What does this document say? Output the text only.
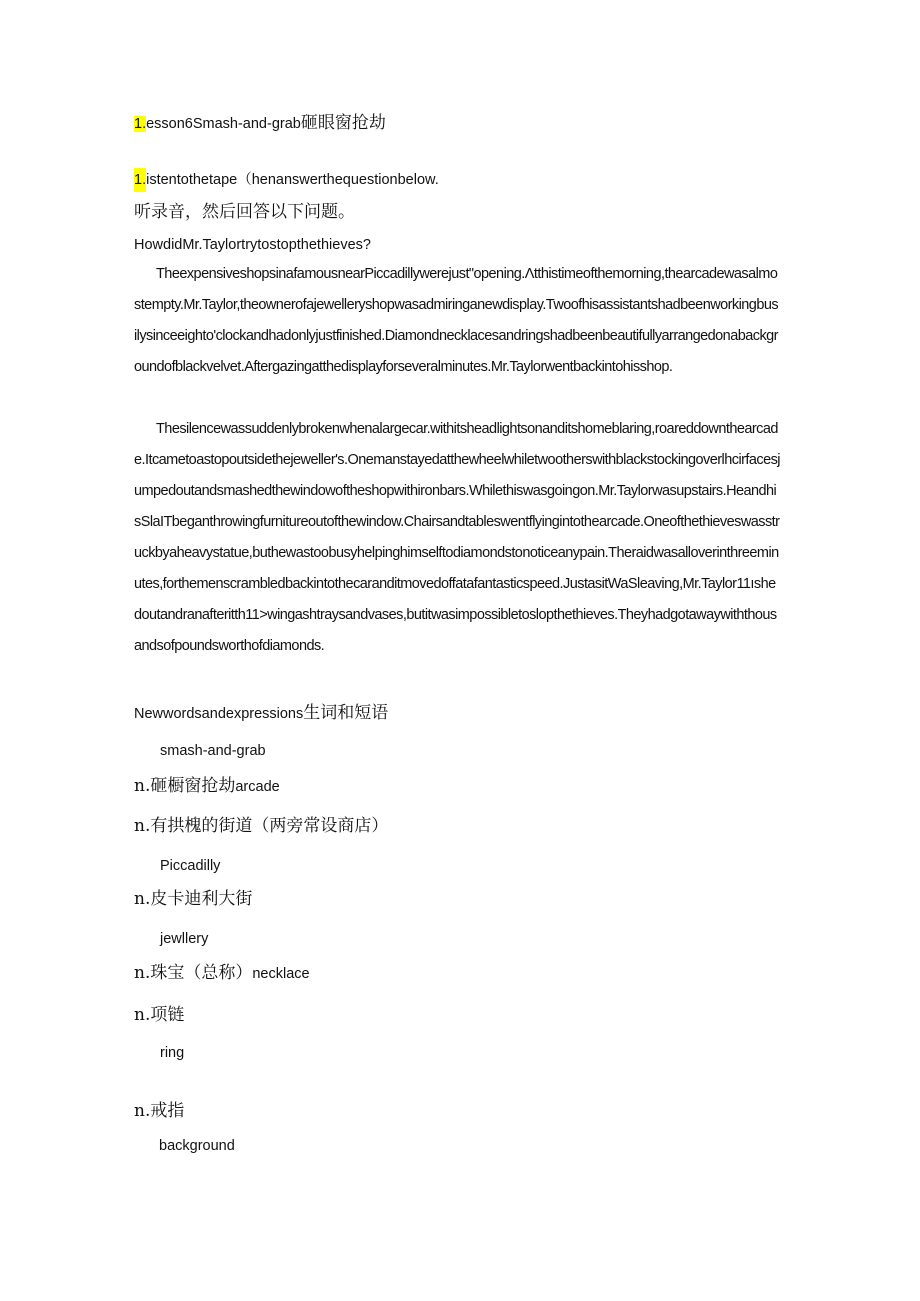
1.esson6Smash-and-grab砸眼窗抢劫
1.istentothetape（henanswerthequestionbelow.
听录音，然后回答以下问题。
HowdidMr.Taylortrytostopthethieves?
TheexpensiveshopsinafamousnearPiccadillywerejust"opening.Λtthistimeofthemorning,thearcadewasalmostempty.Mr.Taylor,theownerofajewelleryshopwasadmiringanewdisplay.Twoofhisassistantshadbeenworkingbusilysinceeighto'clockandhadonlyjustfinished.Diamondnecklacesandringshadbeenbeautifullyarrangedonabackgroundofblackvelvet.Aftergazingatthedisplayforseveralminutes.Mr.Taylorwentbackintohisshop.
Thesilencewassuddenlybrokenwhenalargecar.withitsheadlightsonanditshomeblaring,roareddownthearcade.Itcametoastopoutsidethejeweller's.Onemanstayedatthewheelwhiletwootherswithblackstockingoverlhcirfacesjumpedoutandsmashedthewindowoftheshopwithironbars.Whilethiswasgoingon.Mr.Taylorwasupstairs.HeandhisSlaITbeganthrowingfurnitureoutofthewindow.Chairsandtableswentflyingintothearcade.Oneofthethieveswasstruckbyaheavystatue,buthewastoobusyhelpinghimselftodiamondstonoticeanypain.Theraidwasalloverinthreeminutes,forthemenscrambledbackintothecaranditmovedoffatafantasticspeed.JustasitWaSleaving,Mr.Taylor11ıshedoutandranafteritth11>wingashtraysandvases,butitwasimpossibletoslopthethieves.Theyhadgotawaywiththousandsofpoundsworthofdiamonds.
Newwordsandexpressions生词和短语
smash-and-grab
n.砸橱窗抢劫arcade
n.有拱槐的街道（两旁常设商店）
Piccadilly
n.皮卡迪利大街
jewllery
n.珠宝（总称）necklace
n.项链
ring
n.戒指
background
